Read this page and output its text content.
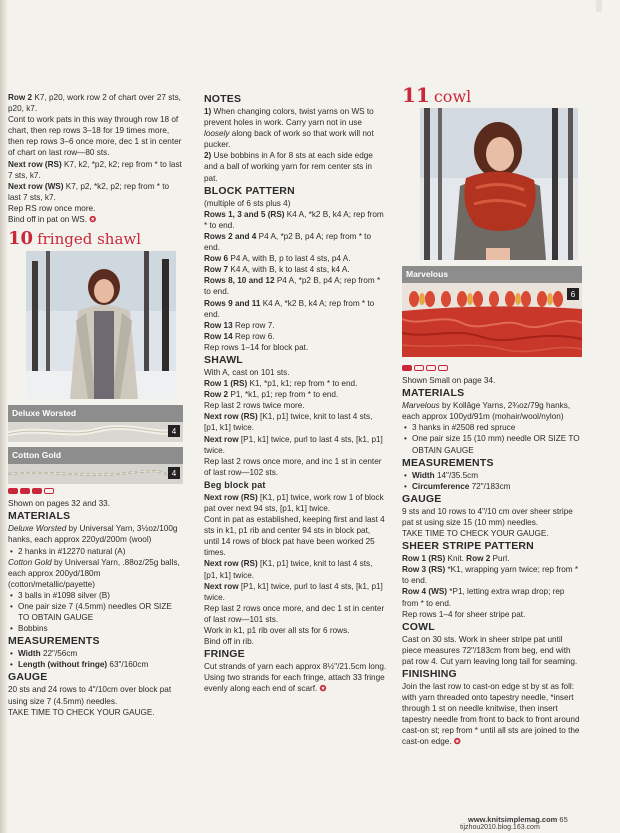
Row 2 K7, p20, work row 2 of chart over 27 sts, p20, k7.

Cont to work pats in this way through row 18 of chart, then rep rows 3–18 for 19 times more, then rep rows 3–6 once more, dec 1 st in center of chart on last row—80 sts.

Next row (RS) K7, k2, *p2, k2; rep from * to last 7 sts, k7.

Next row (WS) K7, p2, *k2, p2; rep from * to last 7 sts, k7.

Rep RS row once more.

Bind off in pat on WS. ✪

10 fringed shawl
Deluxe Worsted
4
Cotton Gold
4

Shown on pages 32 and 33.

MATERIALS

Deluxe Worsted by Universal Yarn, 3½oz/100g hanks, each approx 220yd/200m (wool)

• 2 hanks in #12270 natural (A)

Cotton Gold by Universal Yarn, .88oz/25g balls, each approx 200yd/180m (cotton/metallic/payette)

• 3 balls in #1098 silver (B)

• One pair size 7 (4.5mm) needles OR SIZE TO OBTAIN GAUGE

• Bobbins

MEASUREMENTS

• Width 22"/56cm

• Length (without fringe) 63"/160cm

GAUGE

20 sts and 24 rows to 4"/10cm over block pat using size 7 (4.5mm) needles.

TAKE TIME TO CHECK YOUR GAUGE.

NOTES

1) When changing colors, twist yarns on WS to prevent holes in work. Carry yarn not in use loosely along back of work so that work will not pucker.

2) Use bobbins in A for 8 sts at each side edge and a ball of working yarn for rem center sts in pat.

BLOCK PATTERN

(multiple of 6 sts plus 4)

Rows 1, 3 and 5 (RS) K4 A, *k2 B, k4 A; rep from * to end.

Rows 2 and 4 P4 A, *p2 B, p4 A; rep from * to end.

Row 6 P4 A, with B, p to last 4 sts, p4 A.

Row 7 K4 A, with B, k to last 4 sts, k4 A.

Rows 8, 10 and 12 P4 A, *p2 B, p4 A; rep from * to end.

Rows 9 and 11 K4 A, *k2 B, k4 A; rep from * to end.

Row 13 Rep row 7.

Row 14 Rep row 6.

Rep rows 1–14 for block pat.

SHAWL

With A, cast on 101 sts.

Row 1 (RS) K1, *p1, k1; rep from * to end.

Row 2 P1, *k1, p1; rep from * to end.

Rep last 2 rows twice more.

Next row (RS) [K1, p1] twice, knit to last 4 sts, [p1, k1] twice.

Next row [P1, k1] twice, purl to last 4 sts, [k1, p1] twice.

Rep last 2 rows once more, and inc 1 st in center of last row—102 sts.

Beg block pat

Next row (RS) [K1, p1] twice, work row 1 of block pat over next 94 sts, [p1, k1] twice.

Cont in pat as established, keeping first and last 4 sts in k1, p1 rib and center 94 sts in block pat, until 14 rows of block pat have been worked 25 times.

Next row (RS) [K1, p1] twice, knit to last 4 sts, [p1, k1] twice.

Next row [P1, k1] twice, purl to last 4 sts, [k1, p1] twice.

Rep last 2 rows once more, and dec 1 st in center of last row—101 sts.

Work in k1, p1 rib over all sts for 6 rows.

Bind off in rib.

FRINGE

Cut strands of yarn each approx 8½"/21.5cm long. Using two strands for each fringe, attach 33 fringe evenly along each end of scarf. ✪

11 cowl
Marvelous
6

Shown Small on page 34.

MATERIALS

Marvelous by Kollâge Yarns, 2¾oz/79g hanks, each approx 100yd/91m (mohair/wool/nylon)

• 3 hanks in #2508 red spruce

• One pair size 15 (10 mm) needle OR SIZE TO OBTAIN GAUGE

MEASUREMENTS

• Width 14"/35.5cm

• Circumference 72"/183cm

GAUGE

9 sts and 10 rows to 4"/10 cm over sheer stripe pat st using size 15 (10 mm) needles.

TAKE TIME TO CHECK YOUR GAUGE.

SHEER STRIPE PATTERN

Row 1 (RS) Knit. Row 2 Purl.

Row 3 (RS) *K1, wrapping yarn twice; rep from * to end.

Row 4 (WS) *P1, letting extra wrap drop; rep from * to end.

Rep rows 1–4 for sheer stripe pat.

COWL

Cast on 30 sts. Work in sheer stripe pat until piece measures 72"/183cm from beg, end with pat row 4. Cut yarn leaving long tail for seaming.

FINISHING

Join the last row to cast-on edge st by st as foll: with yarn threaded onto tapestry needle, *insert through 1 st on needle knitwise, then insert tapestry needle from front to back to front around cast-on st; rep from * until all sts are joined to the cast-on edge. ✪

www.knitsimplemag.com 65
tijzhou2010.blog.163.com
